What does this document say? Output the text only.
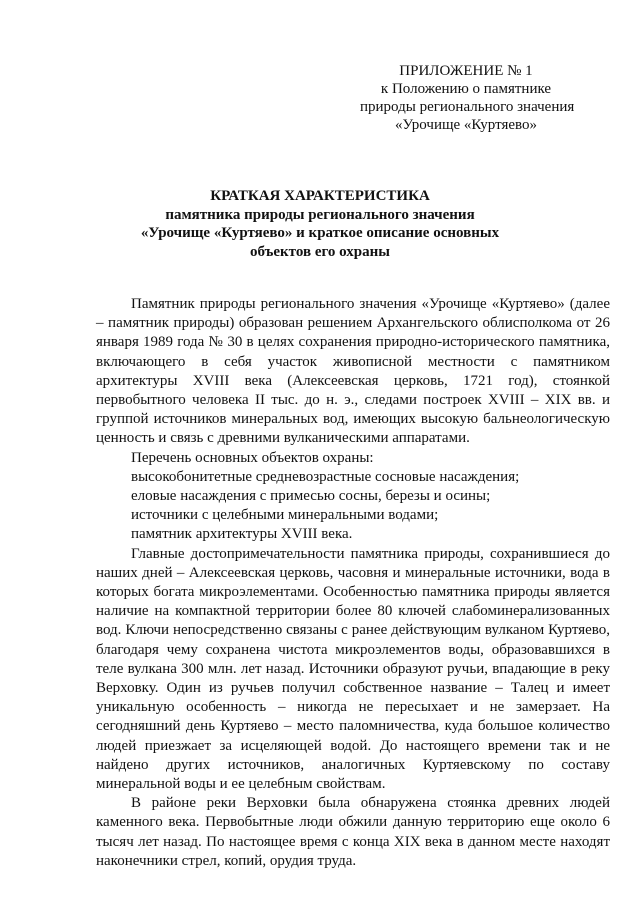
ПРИЛОЖЕНИЕ № 1
к Положению о памятнике
природы регионального значения
«Урочище «Куртяево»
КРАТКАЯ ХАРАКТЕРИСТИКА
памятника природы регионального значения
«Урочище «Куртяево» и краткое описание основных
объектов его охраны

Памятник природы регионального значения «Урочище «Куртяево» (далее – памятник природы) образован решением Архангельского облисполкома от 26 января 1989 года № 30 в целях сохранения природно-исторического памятника, включающего в себя участок живописной местности с памятником архитектуры XVIII века (Алексеевская церковь, 1721 год), стоянкой первобытного человека II тыс. до н. э., следами построек XVIII – XIX вв. и группой источников минеральных вод, имеющих высокую бальнеологическую ценность и связь с древними вулканическими аппаратами.

Перечень основных объектов охраны:
высокобонитетные средневозрастные сосновые насаждения;
еловые насаждения с примесью сосны, березы и осины;
источники с целебными минеральными водами;
памятник архитектуры XVIII века.

Главные достопримечательности памятника природы, сохранившиеся до наших дней – Алексеевская церковь, часовня и минеральные источники, вода в которых богата микроэлементами. Особенностью памятника природы является наличие на компактной территории более 80 ключей слабоминерализованных вод. Ключи непосредственно связаны с ранее действующим вулканом Куртяево, благодаря чему сохранена чистота микроэлементов воды, образовавшихся в теле вулкана 300 млн. лет назад. Источники образуют ручьи, впадающие в реку Верховку. Один из ручьев получил собственное название – Талец и имеет уникальную особенность – никогда не пересыхает и не замерзает. На сегодняшний день Куртяево – место паломничества, куда большое количество людей приезжает за исцеляющей водой. До настоящего времени так и не найдено других источников, аналогичных Куртяевскому по составу минеральной воды и ее целебным свойствам.

В районе реки Верховки была обнаружена стоянка древних людей каменного века. Первобытные люди обжили данную территорию еще около 6 тысяч лет назад. По настоящее время с конца XIX века в данном месте находят наконечники стрел, копий, орудия труда.
